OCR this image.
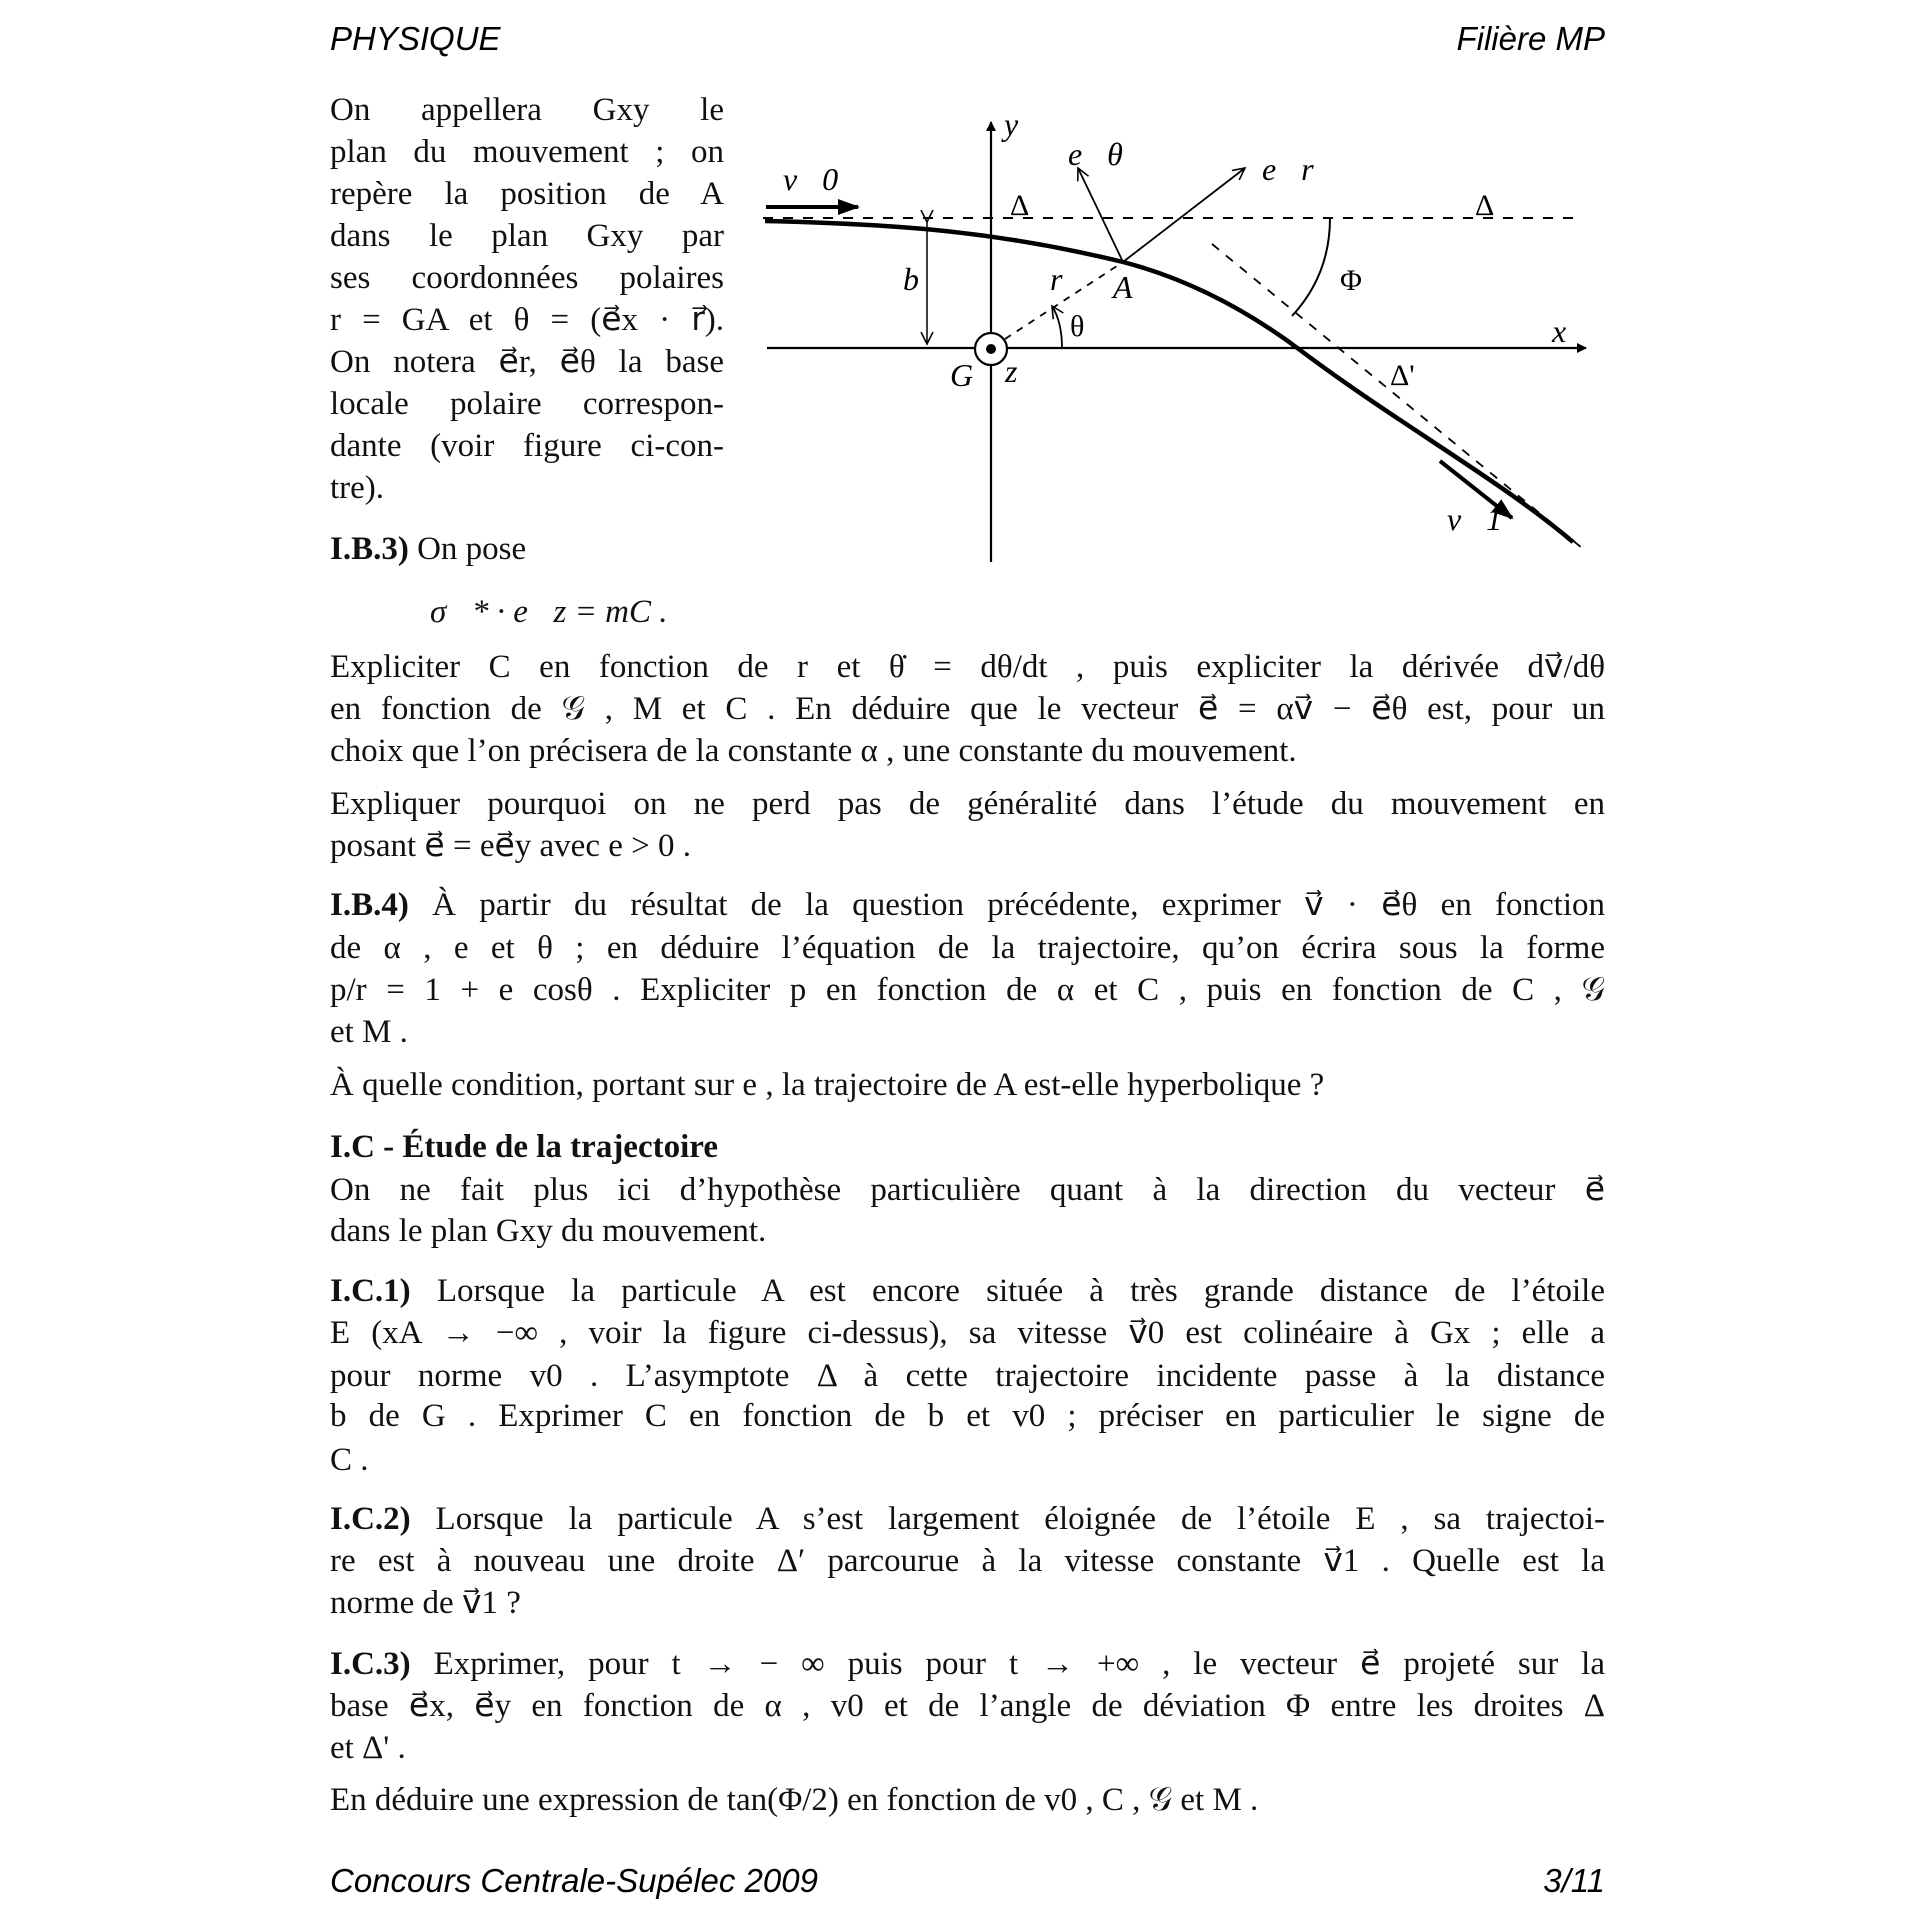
PHYSIQUE	Filière MP
On appellera Gxy le
plan du mouvement ; on
repère la position de A
dans le plan Gxy par
ses coordonnées polaires
r = GA et θ = (e⃗x · r⃗).
On notera e⃗r, e⃗θ la base
locale polaire correspon-
dante (voir figure ci-con-
tre).
y
x
v⃗0
v⃗1
Δ	Δ
Δ'
e⃗θ	e⃗r
b	r A
θ
G z
Φ
I.B.3) On pose
σ⃗* · e⃗z = mC .
Expliciter C en fonction de r et θ̇ = dθ/dt , puis expliciter la dérivée dv⃗/dθ
en fonction de 𝒢 , M et C . En déduire que le vecteur e⃗ = αv⃗ − e⃗θ est, pour un
choix que l’on précisera de la constante α , une constante du mouvement.
Expliquer pourquoi on ne perd pas de généralité dans l’étude du mouvement en
posant e⃗ = ee⃗y avec e > 0 .
I.B.4) À partir du résultat de la question précédente, exprimer v⃗ · e⃗θ en fonction
de α , e et θ ; en déduire l’équation de la trajectoire, qu’on écrira sous la forme
p/r = 1 + e cosθ . Expliciter p en fonction de α et C , puis en fonction de C , 𝒢
et M .
À quelle condition, portant sur e , la trajectoire de A est-elle hyperbolique ?
I.C - Étude de la trajectoire
On ne fait plus ici d’hypothèse particulière quant à la direction du vecteur e⃗
dans le plan Gxy du mouvement.
I.C.1) Lorsque la particule A est encore située à très grande distance de l’étoile
E (xA → −∞ , voir la figure ci-dessus), sa vitesse v⃗0 est colinéaire à Gx ; elle a
pour norme v0 . L’asymptote Δ à cette trajectoire incidente passe à la distance
b de G . Exprimer C en fonction de b et v0 ; préciser en particulier le signe de
C .
I.C.2) Lorsque la particule A s’est largement éloignée de l’étoile E , sa trajectoi-
re est à nouveau une droite Δ′ parcourue à la vitesse constante v⃗1 . Quelle est la
norme de v⃗1 ?
I.C.3) Exprimer, pour t → − ∞ puis pour t → +∞ , le vecteur e⃗ projeté sur la
base e⃗x, e⃗y en fonction de α , v0 et de l’angle de déviation Φ entre les droites Δ
et Δ' .
En déduire une expression de tan(Φ/2) en fonction de v0 , C , 𝒢 et M .
Concours Centrale-Supélec 2009	3/11
